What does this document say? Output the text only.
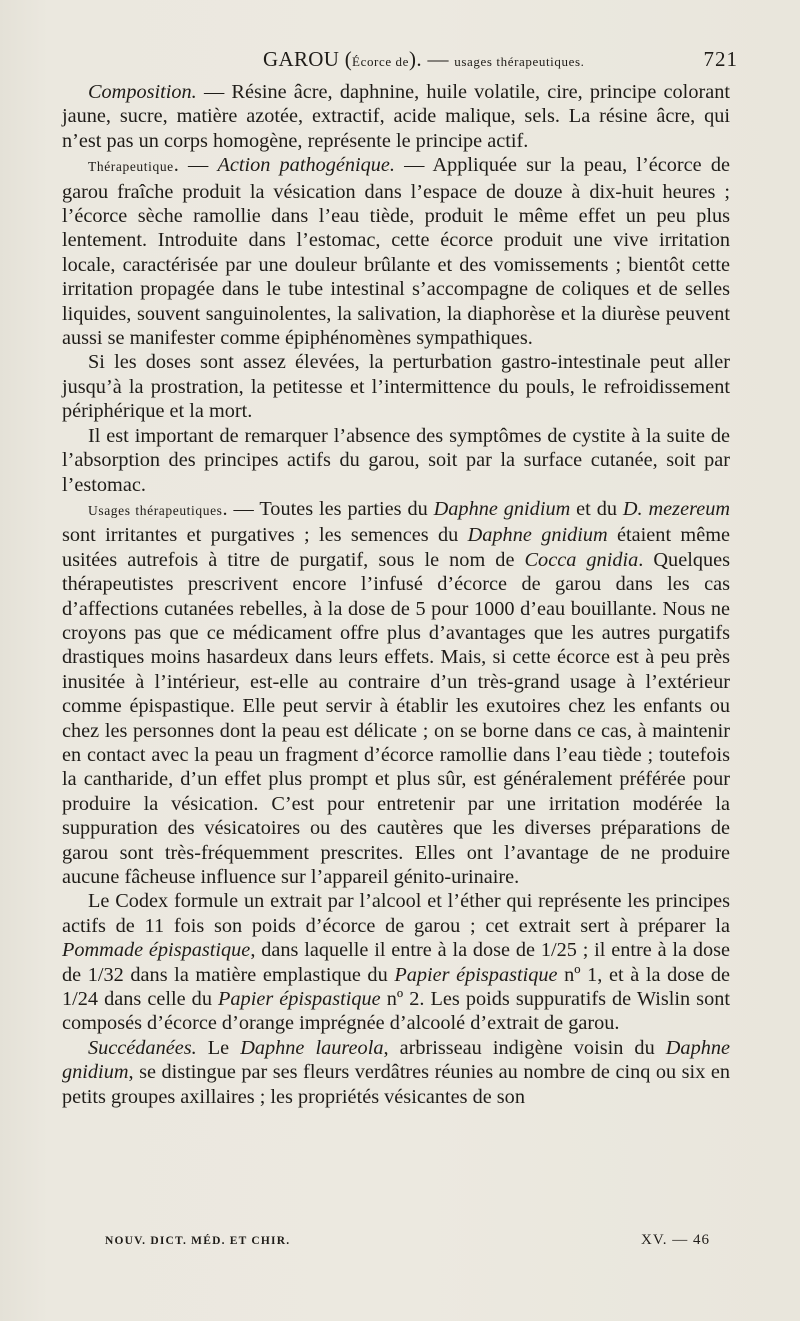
GAROU (Écorce de). — usages thérapeutiques.	721

Composition. — Résine âcre, daphnine, huile volatile, cire, principe colorant jaune, sucre, matière azotée, extractif, acide malique, sels. La résine âcre, qui n’est pas un corps homogène, représente le principe actif.

Thérapeutique. — Action pathogénique. — Appliquée sur la peau, l’écorce de garou fraîche produit la vésication dans l’espace de douze à dix-huit heures ; l’écorce sèche ramollie dans l’eau tiède, produit le même effet un peu plus lentement. Introduite dans l’estomac, cette écorce produit une vive irritation locale, caractérisée par une douleur brûlante et des vomissements ; bientôt cette irritation propagée dans le tube intestinal s’accompagne de coliques et de selles liquides, souvent sanguinolentes, la salivation, la diaphorèse et la diurèse peuvent aussi se manifester comme épiphénomènes sympathiques.

Si les doses sont assez élevées, la perturbation gastro-intestinale peut aller jusqu’à la prostration, la petitesse et l’intermittence du pouls, le refroidissement périphérique et la mort.

Il est important de remarquer l’absence des symptômes de cystite à la suite de l’absorption des principes actifs du garou, soit par la surface cutanée, soit par l’estomac.

Usages thérapeutiques. — Toutes les parties du Daphne gnidium et du D. mezereum sont irritantes et purgatives ; les semences du Daphne gnidium étaient même usitées autrefois à titre de purgatif, sous le nom de Cocca gnidia. Quelques thérapeutistes prescrivent encore l’infusé d’écorce de garou dans les cas d’affections cutanées rebelles, à la dose de 5 pour 1000 d’eau bouillante. Nous ne croyons pas que ce médicament offre plus d’avantages que les autres purgatifs drastiques moins hasardeux dans leurs effets. Mais, si cette écorce est à peu près inusitée à l’intérieur, est-elle au contraire d’un très-grand usage à l’extérieur comme épispastique. Elle peut servir à établir les exutoires chez les enfants ou chez les personnes dont la peau est délicate ; on se borne dans ce cas, à maintenir en contact avec la peau un fragment d’écorce ramollie dans l’eau tiède ; toutefois la cantharide, d’un effet plus prompt et plus sûr, est généralement préférée pour produire la vésication. C’est pour entretenir par une irritation modérée la suppuration des vésicatoires ou des cautères que les diverses préparations de garou sont très-fréquemment prescrites. Elles ont l’avantage de ne produire aucune fâcheuse influence sur l’appareil génito-urinaire.

Le Codex formule un extrait par l’alcool et l’éther qui représente les principes actifs de 11 fois son poids d’écorce de garou ; cet extrait sert à préparer la Pommade épispastique, dans laquelle il entre à la dose de 1/25 ; il entre à la dose de 1/32 dans la matière emplastique du Papier épispastique nº 1, et à la dose de 1/24 dans celle du Papier épispastique nº 2. Les poids suppuratifs de Wislin sont composés d’écorce d’orange imprégnée d’alcoolé d’extrait de garou.

Succédanées. Le Daphne laureola, arbrisseau indigène voisin du Daphne gnidium, se distingue par ses fleurs verdâtres réunies au nombre de cinq ou six en petits groupes axillaires ; les propriétés vésicantes de son

NOUV. DICT. MÉD. ET CHIR.	XV. — 46
